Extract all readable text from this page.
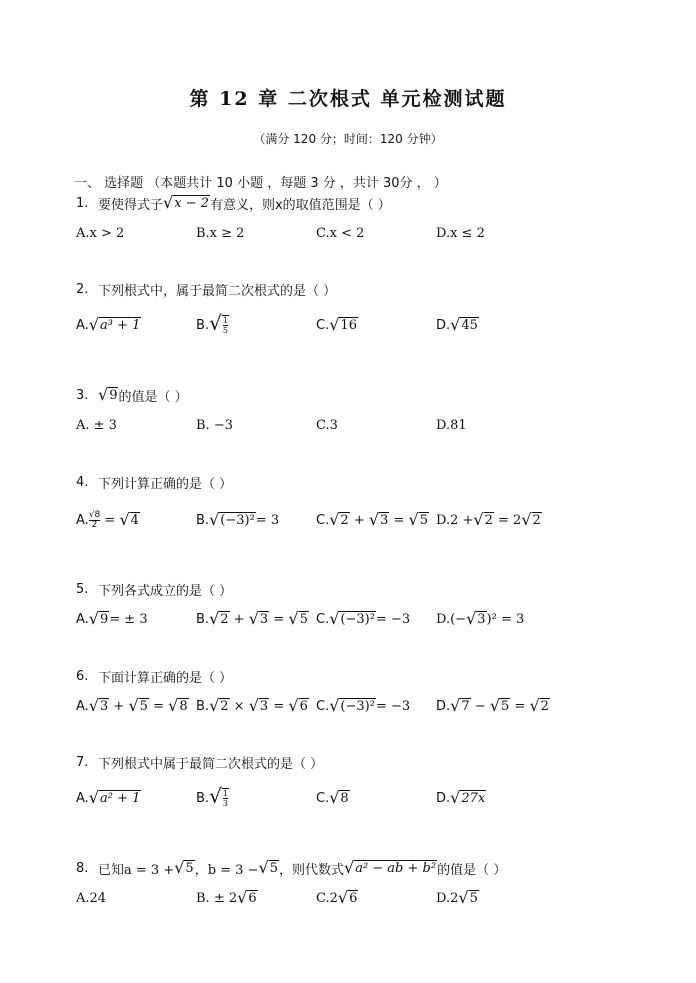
第 12 章 二次根式 单元检测试题
（满分 120 分；时间：120 分钟）
一、 选择题 （本题共计 10 小题 ，每题 3 分 ，共计 30分 ， ）
1. 要使得式子 √ x − 2 有意义，则x的取值范围是（ ）
A.x > 2	B.x ≥ 2	C.x < 2	D.x ≤ 2
2. 下列根式中，属于最简二次根式的是（ ）
A. √ a³ + 1	B. √ $\frac{1}{5}$	C. √ 16	D. √ 45
3. √ 9 的值是（ ）
A. ± 3	B. −3	C.3	D.81
4. 下列计算正确的是（ ）
A. $\frac{√8}{2}$ = √ 4	B. √ (−3)² = 3	C. √ 2 + √ 3 = √ 5 D.2 + √ 2 = 2 √ 2
5. 下列各式成立的是（ ）
A. √ 9 = ± 3	B. √ 2 + √ 3 = √ 5 C. √ (−3)² = −3 D.(− √ 3 )² = 3
6. 下面计算正确的是（ ）
A. √ 3 + √ 5 = √ 8 B. √ 2 × √ 3 = √ 6 C. √ (−3)² = −3 D. √ 7 − √ 5 = √ 2
7. 下列根式中属于最简二次根式的是（ ）
A. √ a² + 1	B. √ $\frac{1}{3}$	C. √ 8	D. √ 27x
8. 已知a = 3 + √ 5 ，b = 3 − √ 5 ，则代数式 √ a² − ab + b² 的值是（ ）
A.24	B. ± 2 √ 6	C.2 √ 6	D.2 √ 5
